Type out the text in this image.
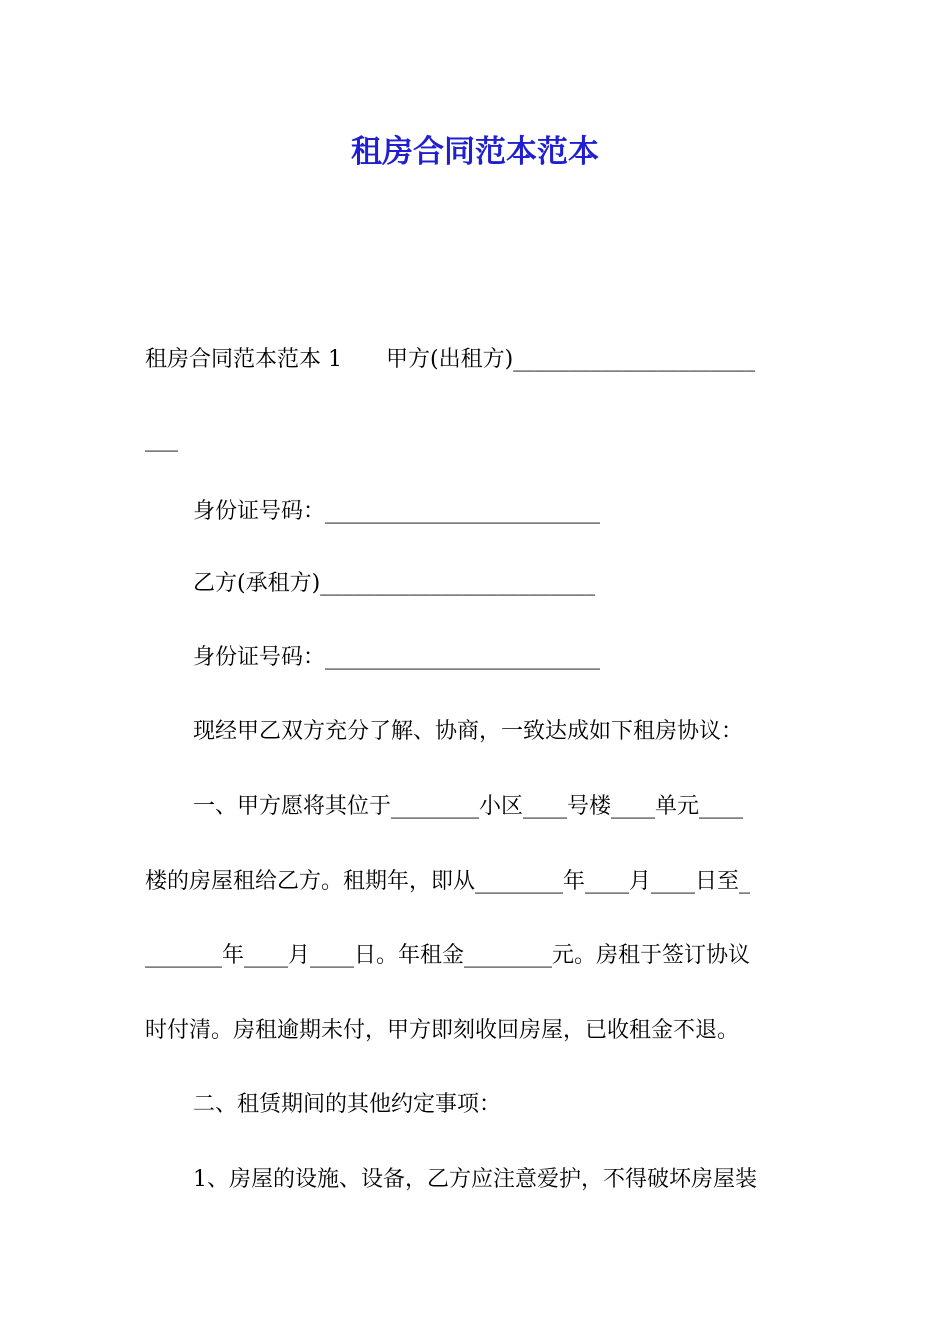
租房合同范本范本
租房合同范本范本 1　　甲方(出租方)______________________
___
身份证号码：_________________________
乙方(承租方)_________________________
身份证号码：_________________________
现经甲乙双方充分了解、协商，一致达成如下租房协议：
一、甲方愿将其位于________小区____号楼____单元____
楼的房屋租给乙方。租期年，即从________年____月____日至_
_______年____月____日。年租金________元。房租于签订协议
时付清。房租逾期未付，甲方即刻收回房屋，已收租金不退。
二、租赁期间的其他约定事项：
1、房屋的设施、设备，乙方应注意爱护，不得破坏房屋装
